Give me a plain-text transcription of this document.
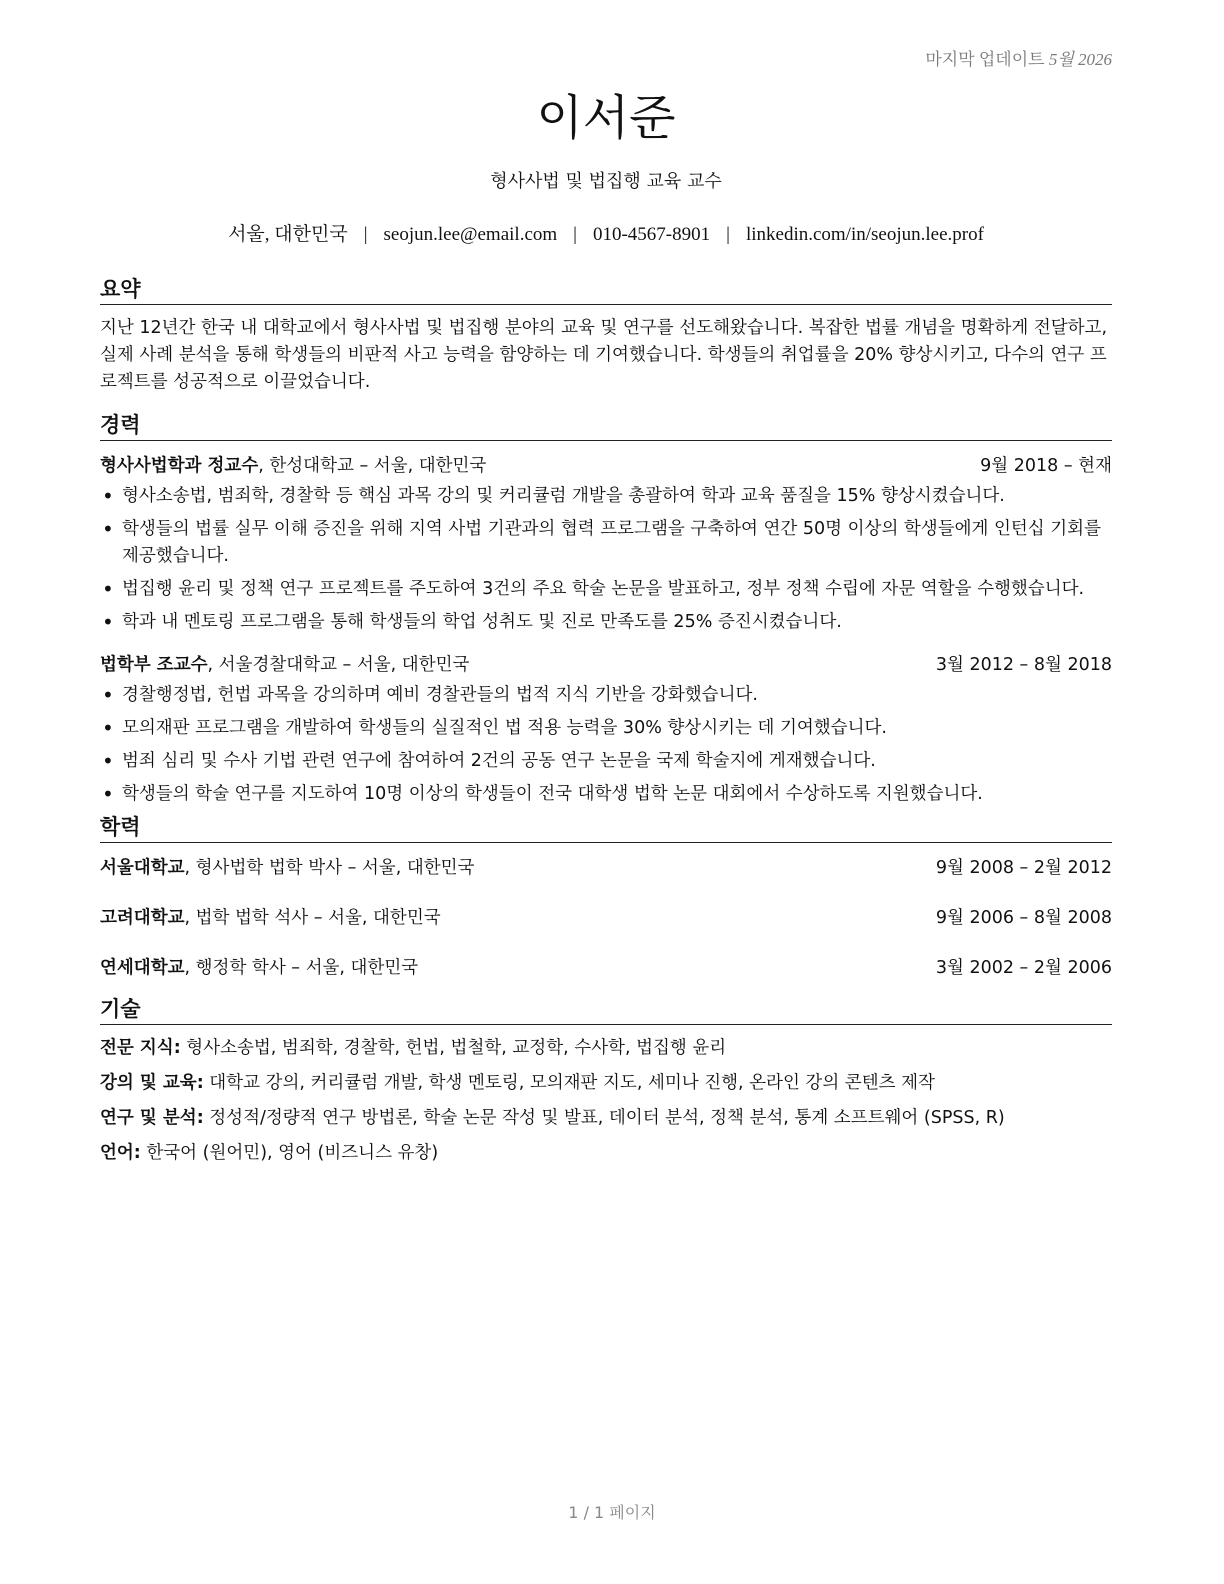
마지막 업데이트 5월 2026
이서준
형사사법 및 법집행 교육 교수
서울, 대한민국 | seojun.lee@email.com | 010-4567-8901 | linkedin.com/in/seojun.lee.prof
요약
지난 12년간 한국 내 대학교에서 형사사법 및 법집행 분야의 교육 및 연구를 선도해왔습니다. 복잡한 법률 개념을 명확하게 전달하고, 실제 사례 분석을 통해 학생들의 비판적 사고 능력을 함양하는 데 기여했습니다. 학생들의 취업률을 20% 향상시키고, 다수의 연구 프로젝트를 성공적으로 이끌었습니다.
경력
형사사법학과 정교수, 한성대학교 – 서울, 대한민국	9월 2018 – 현재
• 형사소송법, 범죄학, 경찰학 등 핵심 과목 강의 및 커리큘럼 개발을 총괄하여 학과 교육 품질을 15% 향상시켰습니다.
• 학생들의 법률 실무 이해 증진을 위해 지역 사법 기관과의 협력 프로그램을 구축하여 연간 50명 이상의 학생들에게 인턴십 기회를 제공했습니다.
• 법집행 윤리 및 정책 연구 프로젝트를 주도하여 3건의 주요 학술 논문을 발표하고, 정부 정책 수립에 자문 역할을 수행했습니다.
• 학과 내 멘토링 프로그램을 통해 학생들의 학업 성취도 및 진로 만족도를 25% 증진시켰습니다.
법학부 조교수, 서울경찰대학교 – 서울, 대한민국	3월 2012 – 8월 2018
• 경찰행정법, 헌법 과목을 강의하며 예비 경찰관들의 법적 지식 기반을 강화했습니다.
• 모의재판 프로그램을 개발하여 학생들의 실질적인 법 적용 능력을 30% 향상시키는 데 기여했습니다.
• 범죄 심리 및 수사 기법 관련 연구에 참여하여 2건의 공동 연구 논문을 국제 학술지에 게재했습니다.
• 학생들의 학술 연구를 지도하여 10명 이상의 학생들이 전국 대학생 법학 논문 대회에서 수상하도록 지원했습니다.
학력
서울대학교, 형사법학 법학 박사 – 서울, 대한민국	9월 2008 – 2월 2012
고려대학교, 법학 법학 석사 – 서울, 대한민국	9월 2006 – 8월 2008
연세대학교, 행정학 학사 – 서울, 대한민국	3월 2002 – 2월 2006
기술
전문 지식: 형사소송법, 범죄학, 경찰학, 헌법, 법철학, 교정학, 수사학, 법집행 윤리
강의 및 교육: 대학교 강의, 커리큘럼 개발, 학생 멘토링, 모의재판 지도, 세미나 진행, 온라인 강의 콘텐츠 제작
연구 및 분석: 정성적/정량적 연구 방법론, 학술 논문 작성 및 발표, 데이터 분석, 정책 분석, 통계 소프트웨어 (SPSS, R)
언어: 한국어 (원어민), 영어 (비즈니스 유창)
1 / 1 페이지
